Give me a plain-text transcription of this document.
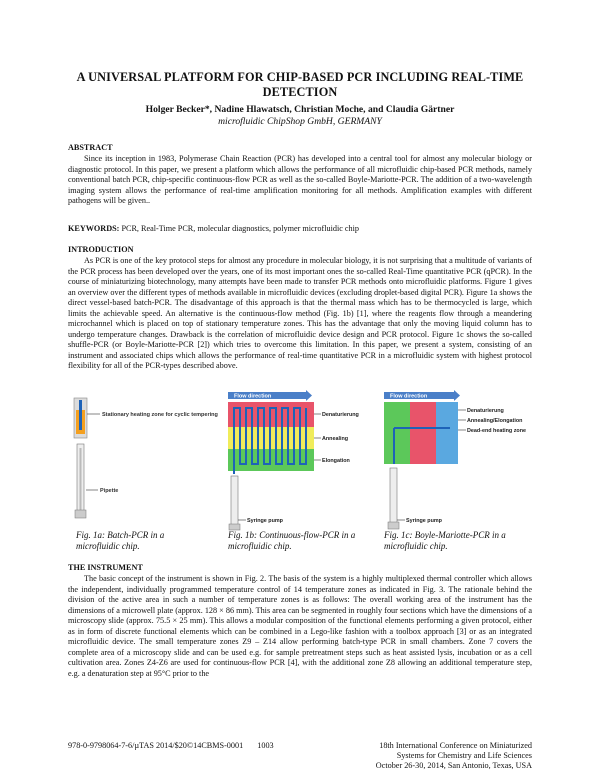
A UNIVERSAL PLATFORM FOR CHIP-BASED PCR INCLUDING REAL-TIME DETECTION
Holger Becker*, Nadine Hlawatsch, Christian Moche, and Claudia Gärtner
microfluidic ChipShop GmbH, GERMANY
ABSTRACT
Since its inception in 1983, Polymerase Chain Reaction (PCR) has developed into a central tool for almost any molecular biology or diagnostic protocol. In this paper, we present a platform which allows the performance of all microfluidic chip-based PCR methods, namely conventional batch PCR, chip-specific continuous-flow PCR as well as the so-called Boyle-Mariotte-PCR. The addition of a two-wavelength imaging system allows the performance of real-time amplification monitoring for all methods. Amplification examples with different pathogens will be given..
KEYWORDS: PCR, Real-Time PCR, molecular diagnostics, polymer microfluidic chip
INTRODUCTION
As PCR is one of the key protocol steps for almost any procedure in molecular biology, it is not surprising that a multitude of variants of the PCR process has been developed over the years, one of its most important ones the so-called Real-Time quantitative PCR (qPCR). In the course of miniaturizing biotechnology, many attempts have been made to transfer PCR methods onto microfluidic platforms. Figure 1 gives an overview over the different types of methods available in microfluidic devices (excluding droplet-based digital PCR). Figure 1a shows the direct vessel-based batch-PCR. The disadvantage of this approach is that the thermal mass which has to be thermocycled is large, which limits the achievable speed. An alternative is the continuous-flow method (Fig. 1b) [1], where the reagents flow through a meandering microchannel which is placed on top of stationary temperature zones. This has the advantage that only the moving liquid column has to undergo temperature changes. Drawback is the correlation of microfluidic device design and PCR protocol. Figure 1c shows the so-called shuffle-PCR (or Boyle-Mariotte-PCR [2]) which tries to overcome this limitation. In this paper, we present a system, consisting of an instrument and associated chips which allows the performance of real-time quantitative PCR in a microfluidic system with highest protocol flexibility for all of the PCR-types described above.
Stationary heating zone for cyclic tempering
Pipette
Fig. 1a: Batch-PCR in a microfluidic chip.
Flow direction
Denaturierung
Annealing
Elongation
Syringe pump
Fig. 1b: Continuous-flow-PCR in a microfluidic chip.
Flow direction
Denaturierung
Annealing/Elongation
Dead-end heating zone
Syringe pump
Fig. 1c: Boyle-Mariotte-PCR in a microfluidic chip.
THE INSTRUMENT
The basic concept of the instrument is shown in Fig. 2. The basis of the system is a highly multiplexed thermal controller which allows the independent, individually programmed temperature control of 14 temperature zones as indicated in Fig. 3. The rationale behind the division of the active area in such a number of temperature zones is as follows: The overall working area of the instrument has the dimensions of a microwell plate (approx. 128 × 86 mm). This area can be segmented in roughly four sections which have the dimensions of a microscopy slide (approx. 75.5 × 25 mm). This allows a modular composition of the functional elements performing a given protocol, either as in form of discrete functional elements which can be combined in a Lego-like fashion with a toolbox approach [3] or as an integrated microfluidic device. The small temperature zones Z9 – Z14 allow performing batch-type PCR in small chambers. Zone 7 covers the complete area of a microscopy slide and can be used e.g. for sample pretreatment steps such as heat assisted lysis, incubation or as a cell cultivation area. Zones Z4-Z6 are used for continuous-flow PCR [4], with the additional zone Z8 allowing an additional temperature step, e.g. a denaturation step at 95°C prior to the
978-0-9798064-7-6/µTAS 2014/$20©14CBMS-0001 1003	18th International Conference on Miniaturized
Systems for Chemistry and Life Sciences
October 26-30, 2014, San Antonio, Texas, USA
